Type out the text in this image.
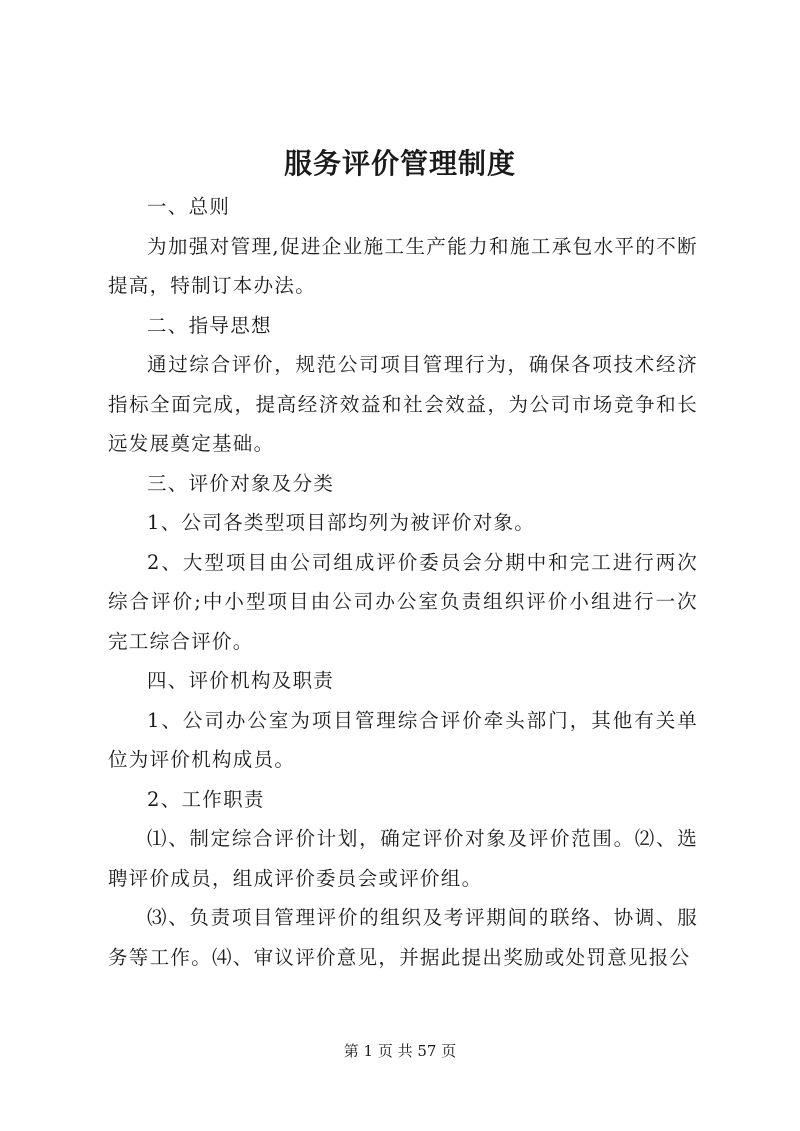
服务评价管理制度

一、总则

为加强对管理,促进企业施工生产能力和施工承包水平的不断提高，特制订本办法。

二、指导思想

通过综合评价，规范公司项目管理行为，确保各项技术经济指标全面完成，提高经济效益和社会效益，为公司市场竞争和长远发展奠定基础。

三、评价对象及分类

1、公司各类型项目部均列为被评价对象。

2、大型项目由公司组成评价委员会分期中和完工进行两次综合评价;中小型项目由公司办公室负责组织评价小组进行一次完工综合评价。

四、评价机构及职责

1、公司办公室为项目管理综合评价牵头部门，其他有关单位为评价机构成员。

2、工作职责

⑴、制定综合评价计划，确定评价对象及评价范围。⑵、选聘评价成员，组成评价委员会或评价组。

⑶、负责项目管理评价的组织及考评期间的联络、协调、服务等工作。⑷、审议评价意见，并据此提出奖励或处罚意见报公

第 1 页 共 57 页
